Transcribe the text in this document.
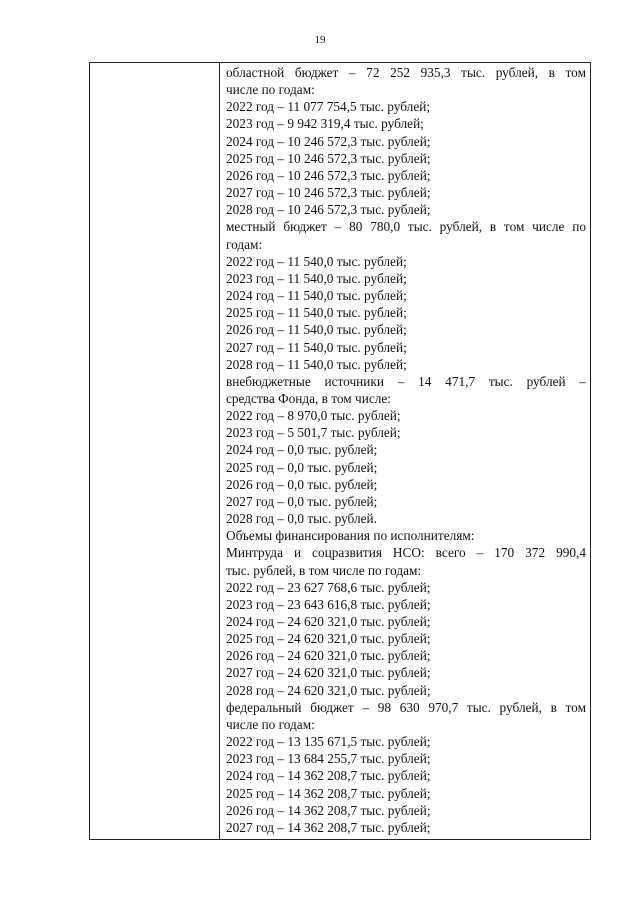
19
областной бюджет – 72 252 935,3 тыс. рублей, в том
числе по годам:
2022 год – 11 077 754,5 тыс. рублей;
2023 год – 9 942 319,4 тыс. рублей;
2024 год – 10 246 572,3 тыс. рублей;
2025 год – 10 246 572,3 тыс. рублей;
2026 год – 10 246 572,3 тыс. рублей;
2027 год – 10 246 572,3 тыс. рублей;
2028 год – 10 246 572,3 тыс. рублей;
местный бюджет – 80 780,0 тыс. рублей, в том числе по
годам:
2022 год – 11 540,0 тыс. рублей;
2023 год – 11 540,0 тыс. рублей;
2024 год – 11 540,0 тыс. рублей;
2025 год – 11 540,0 тыс. рублей;
2026 год – 11 540,0 тыс. рублей;
2027 год – 11 540,0 тыс. рублей;
2028 год – 11 540,0 тыс. рублей;
внебюджетные источники – 14 471,7 тыс. рублей –
средства Фонда, в том числе:
2022 год – 8 970,0 тыс. рублей;
2023 год – 5 501,7 тыс. рублей;
2024 год – 0,0 тыс. рублей;
2025 год – 0,0 тыс. рублей;
2026 год – 0,0 тыс. рублей;
2027 год – 0,0 тыс. рублей;
2028 год – 0,0 тыс. рублей.
Объемы финансирования по исполнителям:
Минтруда и соцразвития НСО: всего – 170 372 990,4
тыс. рублей, в том числе по годам:
2022 год – 23 627 768,6 тыс. рублей;
2023 год – 23 643 616,8 тыс. рублей;
2024 год – 24 620 321,0 тыс. рублей;
2025 год – 24 620 321,0 тыс. рублей;
2026 год – 24 620 321,0 тыс. рублей;
2027 год – 24 620 321,0 тыс. рублей;
2028 год – 24 620 321,0 тыс. рублей;
федеральный бюджет – 98 630 970,7 тыс. рублей, в том
числе по годам:
2022 год – 13 135 671,5 тыс. рублей;
2023 год – 13 684 255,7 тыс. рублей;
2024 год – 14 362 208,7 тыс. рублей;
2025 год – 14 362 208,7 тыс. рублей;
2026 год – 14 362 208,7 тыс. рублей;
2027 год – 14 362 208,7 тыс. рублей;
